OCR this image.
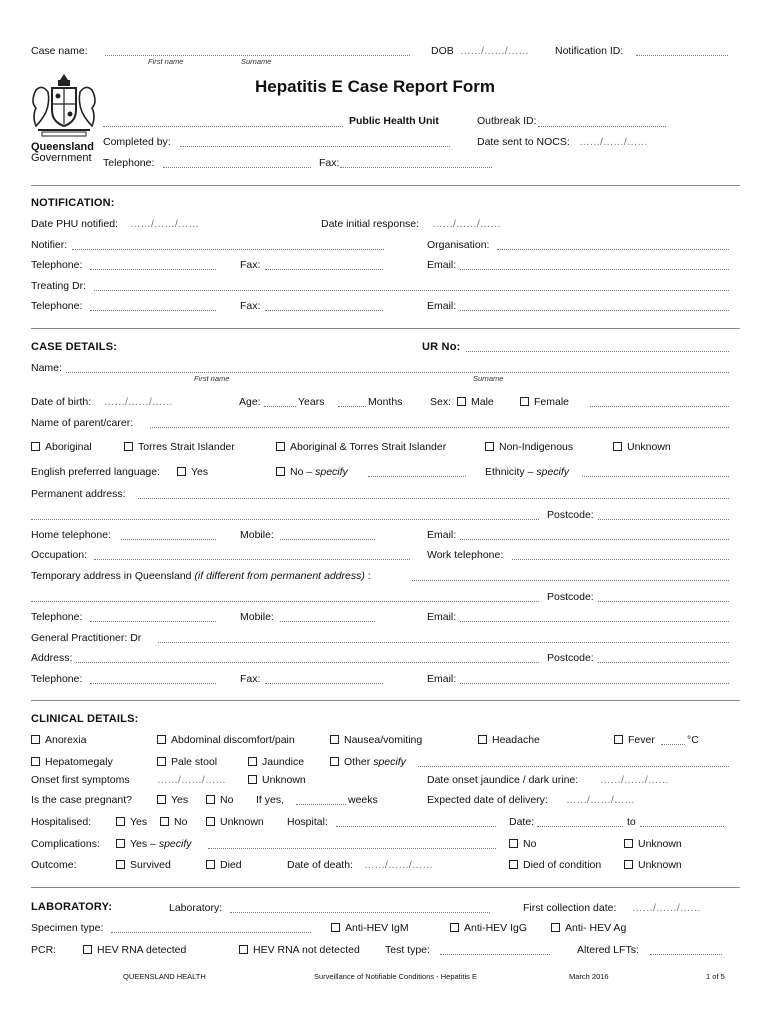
Case name:
First name	Surname
DOB ……/……/…… Notification ID:
Queensland
Government
Hepatitis E Case Report Form
Public Health Unit	Outbreak ID:
Completed by:	Date sent to NOCS: ……/……/……
Telephone:	Fax:
NOTIFICATION:
Date PHU notified: ……/……/……	Date initial response: ……/……/……
Notifier:	Organisation:
Telephone:	Fax:	Email:
Treating Dr:
Telephone:	Fax:	Email:
CASE DETAILS:	UR No:
Name:
First name	Surname
Date of birth: ……/……/……	Age:	Years	Months	Sex:	Male	Female
Name of parent/carer:
Aboriginal	Torres Strait Islander	Aboriginal & Torres Strait Islander	Non-Indigenous	Unknown
English preferred language:	Yes	No – specify	Ethnicity – specify
Permanent address:
Postcode:
Home telephone:	Mobile:	Email:
Occupation:	Work telephone:
Temporary address in Queensland (if different from permanent address) :
Postcode:
Telephone:	Mobile:	Email:
General Practitioner: Dr
Address:	Postcode:
Telephone:	Fax:	Email:
CLINICAL DETAILS:
Anorexia	Abdominal discomfort/pain	Nausea/vomiting	Headache	Fever	°C
Hepatomegaly	Pale stool	Jaundice	Other specify
Onset first symptoms	……/……/……	Unknown	Date onset jaundice / dark urine: ……/……/……
Is the case pregnant?	Yes	No If yes,	weeks	Expected date of delivery: ……/……/……
Hospitalised:	Yes	No	Unknown Hospital:	Date:	to
Complications:	Yes – specify	No	Unknown
Outcome:	Survived	Died	Date of death: ……/……/……	Died of condition	Unknown
LABORATORY:	Laboratory:	First collection date: ……/……/……
Specimen type:	Anti-HEV IgM	Anti-HEV IgG	Anti- HEV Ag
PCR:	HEV RNA detected	HEV RNA not detected Test type:	Altered LFTs:
QUEENSLAND HEALTH	Surveillance of Notifiable Conditions - Hepatitis E	March 2016	1 of 5
